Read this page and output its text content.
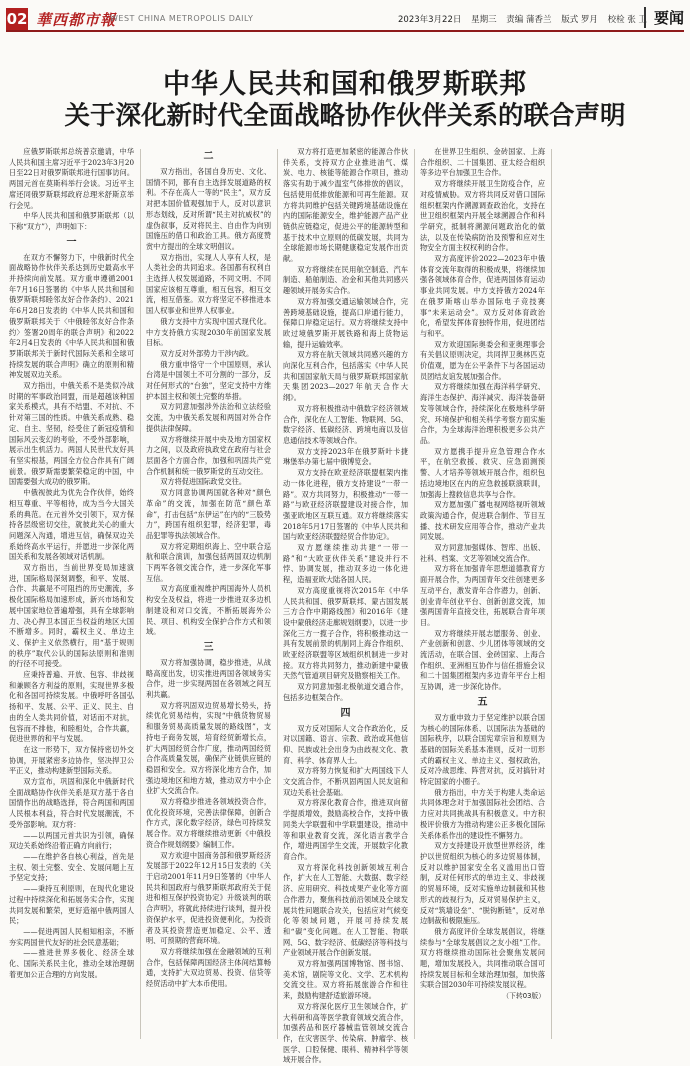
02 華西都市報
WEST CHINA METROPOLIS DAILY	2023年3月22日 星期三 责编 蒲香兰 版式 罗月 校检 张 卫 要闻
中华人民共和国和俄罗斯联邦
关于深化新时代全面战略协作伙伴关系的联合声明

应俄罗斯联邦总统普京邀请，中华人民共和国主席习近平于2023年3月20日至22日对俄罗斯联邦进行国事访问。两国元首在莫斯科举行会谈。习近平主席还同俄罗斯联邦政府总理米舒斯京举行会见。

中华人民共和国和俄罗斯联邦（以下称“双方”），声明如下：

一

在双方不懈努力下，中俄新时代全面战略协作伙伴关系达到历史最高水平并持续向前发展。双方重申遵循2001年7月16日签署的《中华人民共和国和俄罗斯联邦睦邻友好合作条约》、2021年6月28日发表的《中华人民共和国和俄罗斯联邦关于〈中俄睦邻友好合作条约〉签署20周年的联合声明》和2022年2月4日发表的《中华人民共和国和俄罗斯联邦关于新时代国际关系和全球可持续发展的联合声明》确立的原则和精神发展双边关系。

双方指出，中俄关系不是类似冷战时期的军事政治同盟，而是超越该种国家关系模式，具有不结盟、不对抗、不针对第三国的性质。中俄关系成熟、稳定、自主、坚韧，经受住了新冠疫情和国际风云变幻的考验，不受外部影响，展示出生机活力。两国人民世代友好具有坚实根基，两国全方位合作具有广阔前景。俄罗斯需要繁荣稳定的中国，中国需要强大成功的俄罗斯。

中俄视彼此为优先合作伙伴，始终相互尊重、平等相待，成为当今大国关系的典范。在元首外交引领下，双方保持各层级密切交往，就彼此关心的重大问题深入沟通，增进互信，确保双边关系始终高水平运行，并愿进一步深化两国关系和发展各领域对话机制。

双方指出，当前世界变局加速演进，国际格局深刻调整，和平、发展、合作、共赢是不可阻挡的历史潮流，多极化国际格局加速形成，新兴市场和发展中国家地位普遍增强，具有全球影响力、决心捍卫本国正当权益的地区大国不断增多。同时，霸权主义、单边主义、保护主义依然横行，用“基于规则的秩序”取代公认的国际法原则和准则的行径不可接受。

应秉持普遍、开放、包容、非歧视和兼顾各方利益的原则，实现世界多极化和各国可持续发展。中俄呼吁各国弘扬和平、发展、公平、正义、民主、自由的全人类共同价值，对话而不对抗，包容而不排他，和睦相处，合作共赢，促进世界的和平与发展。

在这一形势下，双方保持密切外交协调，开展紧密多边协作，坚决捍卫公平正义，推动构建新型国际关系。

双方宣布，巩固和深化中俄新时代全面战略协作伙伴关系是双方基于各自国情作出的战略选择，符合两国和两国人民根本利益，符合时代发展潮流，不受外部影响。双方将：

——以两国元首共识为引领，确保双边关系始终沿着正确方向前行；

——在维护各自核心利益，首先是主权、领土完整、安全、发展问题上互予坚定支持；

——秉持互利原则，在现代化建设过程中持续深化和拓展务实合作，实现共同发展和繁荣，更好造福中俄两国人民；

——促进两国人民相知相亲，不断夯实两国世代友好的社会民意基础；

——推进世界多极化、经济全球化、国际关系民主化，推动全球治理朝着更加公正合理的方向发展。

二

双方指出，各国自身历史、文化、国情不同，都有自主选择发展道路的权利。不存在高人一等的“民主”，双方反对把本国价值观强加于人，反对以意识形态划线，反对所谓“民主对抗威权”的虚伪叙事，反对将民主、自由作为向别国施压的借口和政治工具。俄方高度赞赏中方提出的全球文明倡议。

双方指出，实现人人享有人权，是人类社会的共同追求。各国都有权利自主选择人权发展道路，不同文明、不同国家应该相互尊重，相互包容，相互交流，相互借鉴。双方将坚定不移推进本国人权事业和世界人权事业。

俄方支持中方实现中国式现代化。中方支持俄方实现2030年前国家发展目标。

双方反对外部势力干涉内政。

俄方重申恪守一个中国原则，承认台湾是中国领土不可分割的一部分，反对任何形式的“台独”，坚定支持中方维护本国主权和领土完整的举措。

双方同意加强涉外法治和立法经验交流，为中俄关系发展和两国对外合作提供法律保障。

双方将继续开展中央及地方国家权力之间，以及政府执政党在政府与社会层面各个方面合作，加强和巩固共产党合作机制和统一俄罗斯党的互动交往。

双方将促进国际政党交往。

双方同意协调两国就各种对“颜色革命”的交流，加强在防范“颜色革命”，打击包括“东伊运”在内的“三股势力”，跨国有组织犯罪，经济犯罪，毒品犯罪等执法领域合作。

双方将定期组织海上、空中联合巡航和联合演训，加强包括两国双边机制下两军各领交流合作，进一步深化军事互信。

双方高度重视维护两国海外人员机构安全及权益，将进一步推进双多边机制建设和对口交流，不断拓展海外公民、项目、机构安全保护合作方式和领域。

三

双方将加强协调，稳步推进，从战略高度出发，切实推进两国各领域务实合作，进一步实现两国在各领域之间互利共赢。

双方将巩固双边贸易增长势头，持续优化贸易结构，实现“中俄货物贸易和服务贸易高质量发展的路线图”，支持电子商务发展，培育经贸新增长点，扩大两国经贸合作广度，推动两国经贸合作高质量发展，确保产业链供应链的稳固和安全。双方将深化地方合作，加强边境地区和地方城，推动双方中小企业扩大交流合作。

双方将稳步推进各领域投资合作，优化投资环境，完善法律保障，创新合作方式，深化数字经济，绿色可持续发展合作。双方将继续推动更新《中俄投资合作规划纲要》编制工作。

双方欢迎中国商务部和俄罗斯经济发展部于2022年12月15日发表的《关于启动2001年11月9日签署的《中华人民共和国政府与俄罗斯联邦政府关于促进和相互保护投资协定》升级谈判的联合声明》，将就此持续进行谈判，提升投资保护水平，促进投资便利化，为投资者及其投资营造更加稳定、公平、透明、可预期的营商环境。

双方将继续加强在金融领域的互利合作，包括保障两国经济主体间结算畅通，支持扩大双边贸易、投资、信贷等经贸活动中扩大本币使用。

双方将打造更加紧密的能源合作伙伴关系，支持双方企业推进油气、煤炭、电力、核能等能源合作项目，推动落实有助于减少温室气体排放的倡议，包括使用低排放能源和可再生能源。双方将共同维护包括关键跨境基础设施在内的国际能源安全，维护能源产品产业链供应链稳定，促进公平的能源转型和基于技术中立原则的低碳发展，共同为全球能源市场长期健康稳定发展作出贡献。

双方将继续在民用航空制造、汽车制造、船舶制造、冶金和其他共同感兴趣领域开展务实合作。

双方将加强交通运输领域合作，完善跨境基础设施，提高口岸通行能力，保障口岸稳定运行。双方将继续支持中欧过境俄罗斯开展铁路和海上货物运输，提升运输效率。

双方将在航天领域共同感兴趣的方向深化互利合作，包括落实《中华人民共和国国家航天局与俄罗斯联邦国家航天集团2023—2027年航天合作大纲》。

双方将积极推动中俄数字经济领域合作，深化在人工智能、物联网、5G、数字经济、低碳经济、跨境电商以及信息通信技术等领域合作。

双方支持2023年在俄罗斯叶卡捷琳堡举办第七届中俄博览会。

双方支持在欧亚经济联盟框架内推动一体化进程，俄方支持建设“一带一路”。双方共同努力，积极推动“一带一路”与欧亚经济联盟建设对接合作，加强亚欧地区互联互通。双方将继续落实2018年5月17日签署的《中华人民共和国与欧亚经济联盟经贸合作协定》。

双方愿继续推动共建“一带一路”和“大欧亚伙伴关系”建设并行不悖、协调发展，推动双多边一体化进程，造福亚欧大陆各国人民。

双方高度重视将次2015年《中华人民共和国、俄罗斯联邦、蒙古国发展三方合作中期路线图》和2016年《建设中蒙俄经济走廊规划纲要》，以进一步深化三方一揽子合作，将积极推动这一具有发展前景的机制同上海合作组织、欧亚经济联盟等区域组织机制进一步对接。双方将共同努力，推动新建中蒙俄天然气管道项目研究及勘察相关工作。

双方同意加强北极航道交通合作，包括多边框架合作。

四

双方反对国际人文合作政治化，反对以国籍、语言、宗教、政治或其他信仰、民族或社会出身为由歧视文化、教育、科学、体育界人士。

双方将努力恢复和扩大两国线下人文交流合作，不断巩固两国人民友谊和双边关系社会基础。

双方将深化教育合作，推进双向留学提质增效，鼓励高校合作，支持中俄同类大学联盟和中学联盟建设，推动中等和职业教育交流，深化语言教学合作，增进两国学生交流，开展数字化教育合作。

双方将深化科技创新领域互利合作，扩大在人工智能、大数据、数字经济、应用研究、科技成果产业化等方面合作潜力，聚焦科技前沿领域及全球发展共性问题联合攻关，包括应对气候变化等领域问题，开展可持续发展和“碳”变化问题。在人工智能、物联网、5G、数字经济、低碳经济等科技与产业领域开展合作创新发展。

双方将加强两国博物馆、图书馆、美术馆，剧院等文化、文学、艺术机构交流交往。双方将拓展旅游合作和往来，鼓励构建舒适旅游环境。

双方将深化医疗卫生领域合作，扩大科研和高等医学教育领域交流合作，加强药品和医疗器械监管领域交流合作，在灾害医学、传染病、肿瘤学、核医学、口腔保健、眼科、精神科学等领域开展合作。

在世界卫生组织、金砖国家、上海合作组织、二十国集团、亚太经合组织等多边平台加强卫生合作。

双方将继续开展卫生防疫合作，应对疫情威胁。双方将共同反对借口国际组织框架内作溯源调查政治化，支持在世卫组织框架内开展全球溯源合作和科学研究，抵制将溯源问题政治化的做法，以及在传染病防治及预警和应对生物安全方面主权权利的合作。

双方高度评价2022—2023年中俄体育交流年取得的积极成果，将继续加强各领域体育合作，促进两国体育运动事业共同发展。中方支持俄方2024年在俄罗斯喀山举办国际电子竞技赛事“未来运动会”。双方反对体育政治化，希望发挥体育独特作用，促进团结与和平。

双方欢迎国际奥委会和亚奥理事会有关倡议原则决定，共同捍卫奥林匹克价值观，愿为在公平条件下与各国运动员团结友谊发展加强合作。

双方将继续加强在海洋科学研究、海洋生态保护、海洋减灾、海洋装备研发等领域合作，持续深化在极地科学研究、环境保护和相关科学考察方面实施合作，为全球海洋治理积极更多公共产品。

双方愿携手提升应急管理合作水平，在航空救援、救灾、应急面测预警、人才培养等领域开展合作，组织包括边境地区在内的应急救援联演联训，加强海上搜救信息共享与合作。

双方愿加强广播电视网络视听领域政策沟通合作，促进联合制作、节目互播、技术研发应用等合作，推动产业共同发展。

双方同意加强媒体、智库、出版、社科、档案、文艺等领域交流合作。

双方将在加强青年思想道德教育方面开展合作，为两国青年交往创建更多互动平台，激发青年合作潜力，创新、创业青年创业平台、创新创意交流，加强两国青年直接交往，拓展联合青年项目。

双方将继续开展志愿服务、创业、产业创新和创意、少儿团体等领域的交流活动，在联合国、金砖国家、上海合作组织、亚洲相互协作与信任措施会议和二十国集团框架内多边青年平台上相互协调，进一步深化协作。

五

双方重申致力于坚定维护以联合国为核心的国际体系、以国际法为基础的国际秩序，以联合国宪章宗旨和原则为基础的国际关系基本准则，反对一切形式的霸权主义、单边主义、强权政治，反对冷战思维、阵营对抗，反对搞针对特定国家的小圈子。

俄方指出，中方关于构建人类命运共同体理念对于加强国际社会团结、合力应对共同挑战具有积极意义。中方积极评价俄方为推动构建公正多极化国际关系体系作出的建设性不懈努力。

双方支持建设开放型世界经济，维护以世贸组织为核心的多边贸易体制，反对以维护国家安全名义滥用出口管制，反对任何形式的单边主义、非歧视的贸易环境，反对实施单边制裁和其他形式的歧视行为，反对贸易保护主义，反对“筑墙设垒”、“脱钩断链”，反对单边制裁和极限施压。

俄方高度评价全球发展倡议，将继续参与“全球发展倡议之友小组”工作。双方将继续推动国际社会聚焦发展问题，增加发展投入，共同推动联合国可持续发展目标和全球治理加强，加快落实联合国2030年可持续发展议程。

（下转03版）
